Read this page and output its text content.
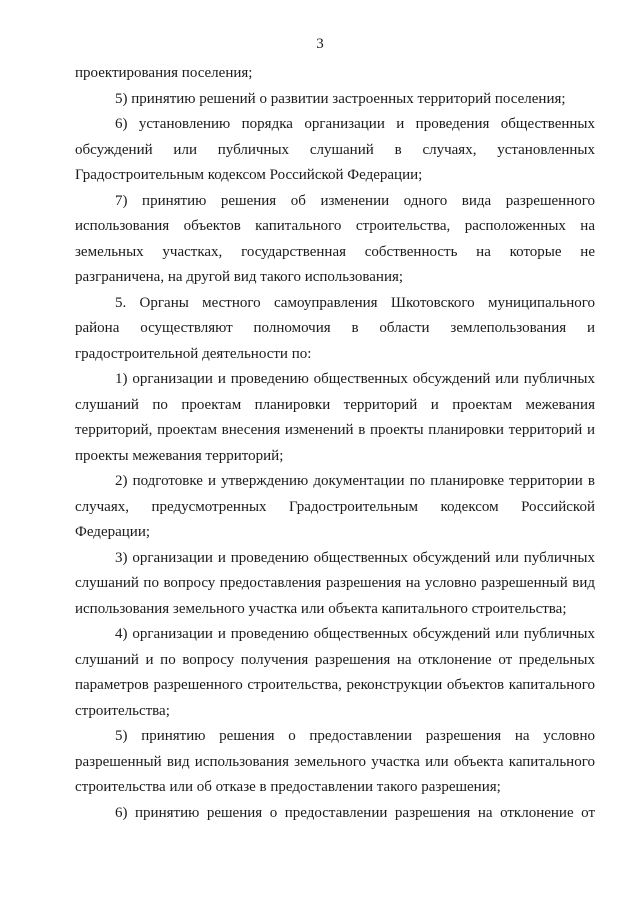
3

проектирования поселения;

5) принятию решений о развитии застроенных территорий поселения;

6) установлению порядка организации и проведения общественных обсуждений или публичных слушаний в случаях, установленных Градостроительным кодексом Российской Федерации;

7) принятию решения об изменении одного вида разрешенного использования объектов капитального строительства, расположенных на земельных участках, государственная собственность на которые не разграничена, на другой вид такого использования;

5. Органы местного самоуправления Шкотовского муниципального района осуществляют полномочия в области землепользования и градостроительной деятельности по:

1) организации и проведению общественных обсуждений или публичных слушаний по проектам планировки территорий и проектам межевания территорий, проектам внесения изменений в проекты планировки территорий и проекты межевания территорий;

2) подготовке и утверждению документации по планировке территории в случаях, предусмотренных Градостроительным кодексом Российской Федерации;

3) организации и проведению общественных обсуждений или публичных слушаний по вопросу предоставления разрешения на условно разрешенный вид использования земельного участка или объекта капитального строительства;

4) организации и проведению общественных обсуждений или публичных слушаний и по вопросу получения разрешения на отклонение от предельных параметров разрешенного строительства, реконструкции объектов капитального строительства;

5) принятию решения о предоставлении разрешения на условно разрешенный вид использования земельного участка или объекта капитального строительства или об отказе в предоставлении такого разрешения;

6) принятию решения о предоставлении разрешения на отклонение от
